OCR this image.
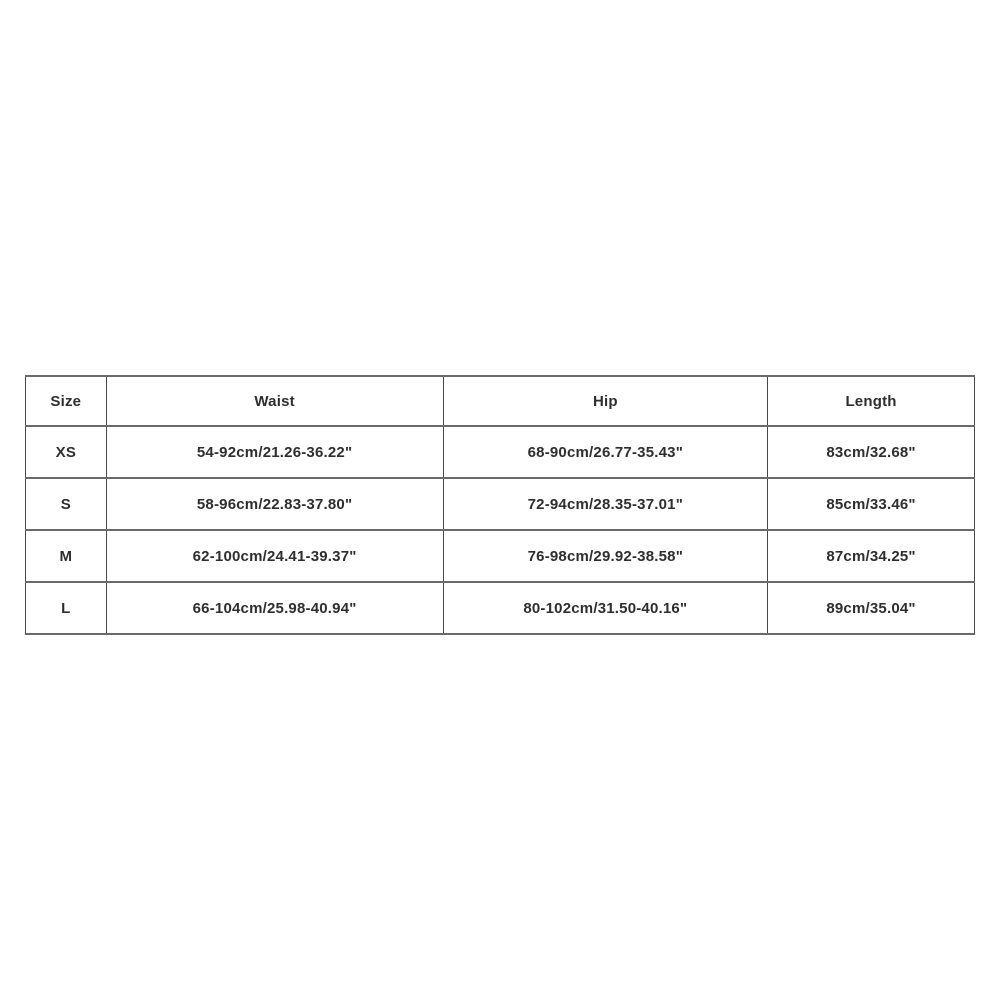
Size	Waist	Hip	Length
XS	54-92cm/21.26-36.22"	68-90cm/26.77-35.43"	83cm/32.68"
S	58-96cm/22.83-37.80"	72-94cm/28.35-37.01"	85cm/33.46"
M	62-100cm/24.41-39.37"	76-98cm/29.92-38.58"	87cm/34.25"
L	66-104cm/25.98-40.94"	80-102cm/31.50-40.16"	89cm/35.04"
